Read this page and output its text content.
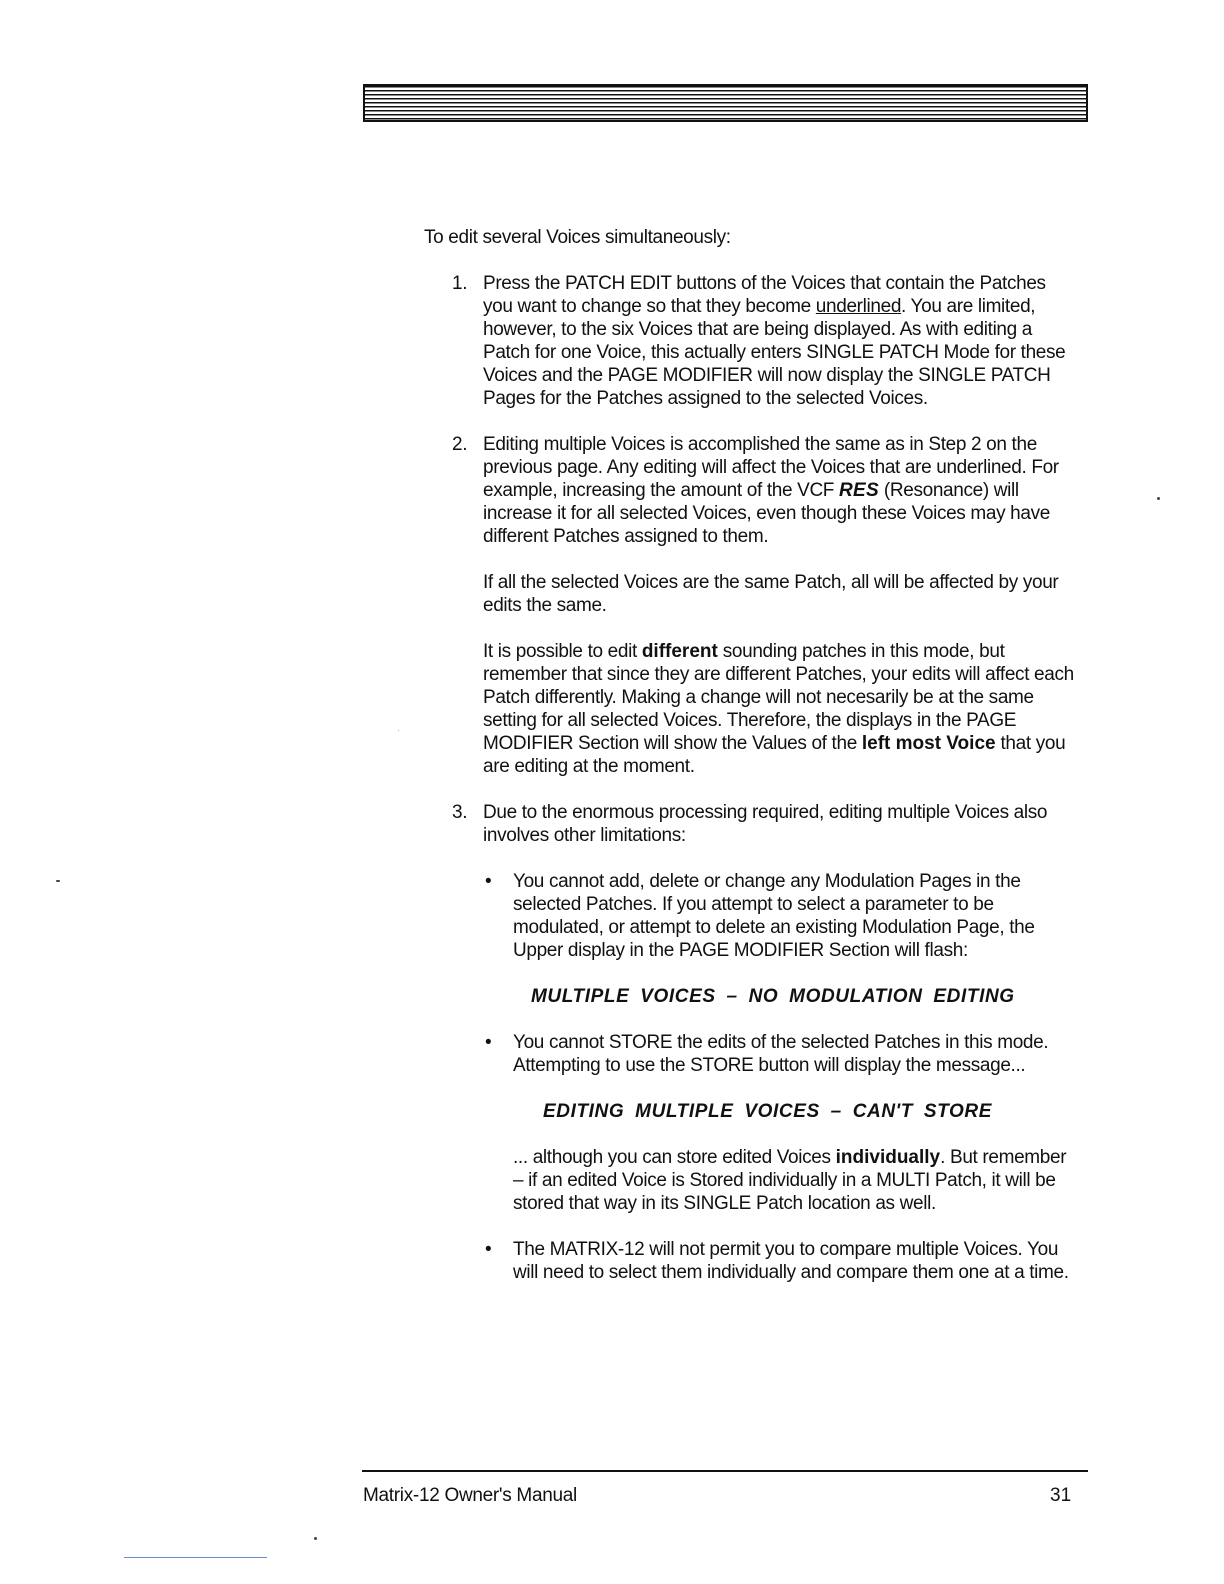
To edit several Voices simultaneously:

1. Press the PATCH EDIT buttons of the Voices that contain the Patches you want to change so that they become underlined. You are limited, however, to the six Voices that are being displayed. As with editing a Patch for one Voice, this actually enters SINGLE PATCH Mode for these Voices and the PAGE MODIFIER will now display the SINGLE PATCH Pages for the Patches assigned to the selected Voices.

2. Editing multiple Voices is accomplished the same as in Step 2 on the previous page. Any editing will affect the Voices that are underlined. For example, increasing the amount of the VCF RES (Resonance) will increase it for all selected Voices, even though these Voices may have different Patches assigned to them.

If all the selected Voices are the same Patch, all will be affected by your edits the same.

It is possible to edit different sounding patches in this mode, but remember that since they are different Patches, your edits will affect each Patch differently. Making a change will not necesarily be at the same setting for all selected Voices. Therefore, the displays in the PAGE MODIFIER Section will show the Values of the left most Voice that you are editing at the moment.

3. Due to the enormous processing required, editing multiple Voices also involves other limitations:

• You cannot add, delete or change any Modulation Pages in the selected Patches. If you attempt to select a parameter to be modulated, or attempt to delete an existing Modulation Page, the Upper display in the PAGE MODIFIER Section will flash:

MULTIPLE VOICES – NO MODULATION EDITING

• You cannot STORE the edits of the selected Patches in this mode. Attempting to use the STORE button will display the message...

EDITING MULTIPLE VOICES – CAN'T STORE

... although you can store edited Voices individually. But remember – if an edited Voice is Stored individually in a MULTI Patch, it will be stored that way in its SINGLE Patch location as well.

• The MATRIX-12 will not permit you to compare multiple Voices. You will need to select them individually and compare them one at a time.

Matrix-12 Owner's Manual	31
